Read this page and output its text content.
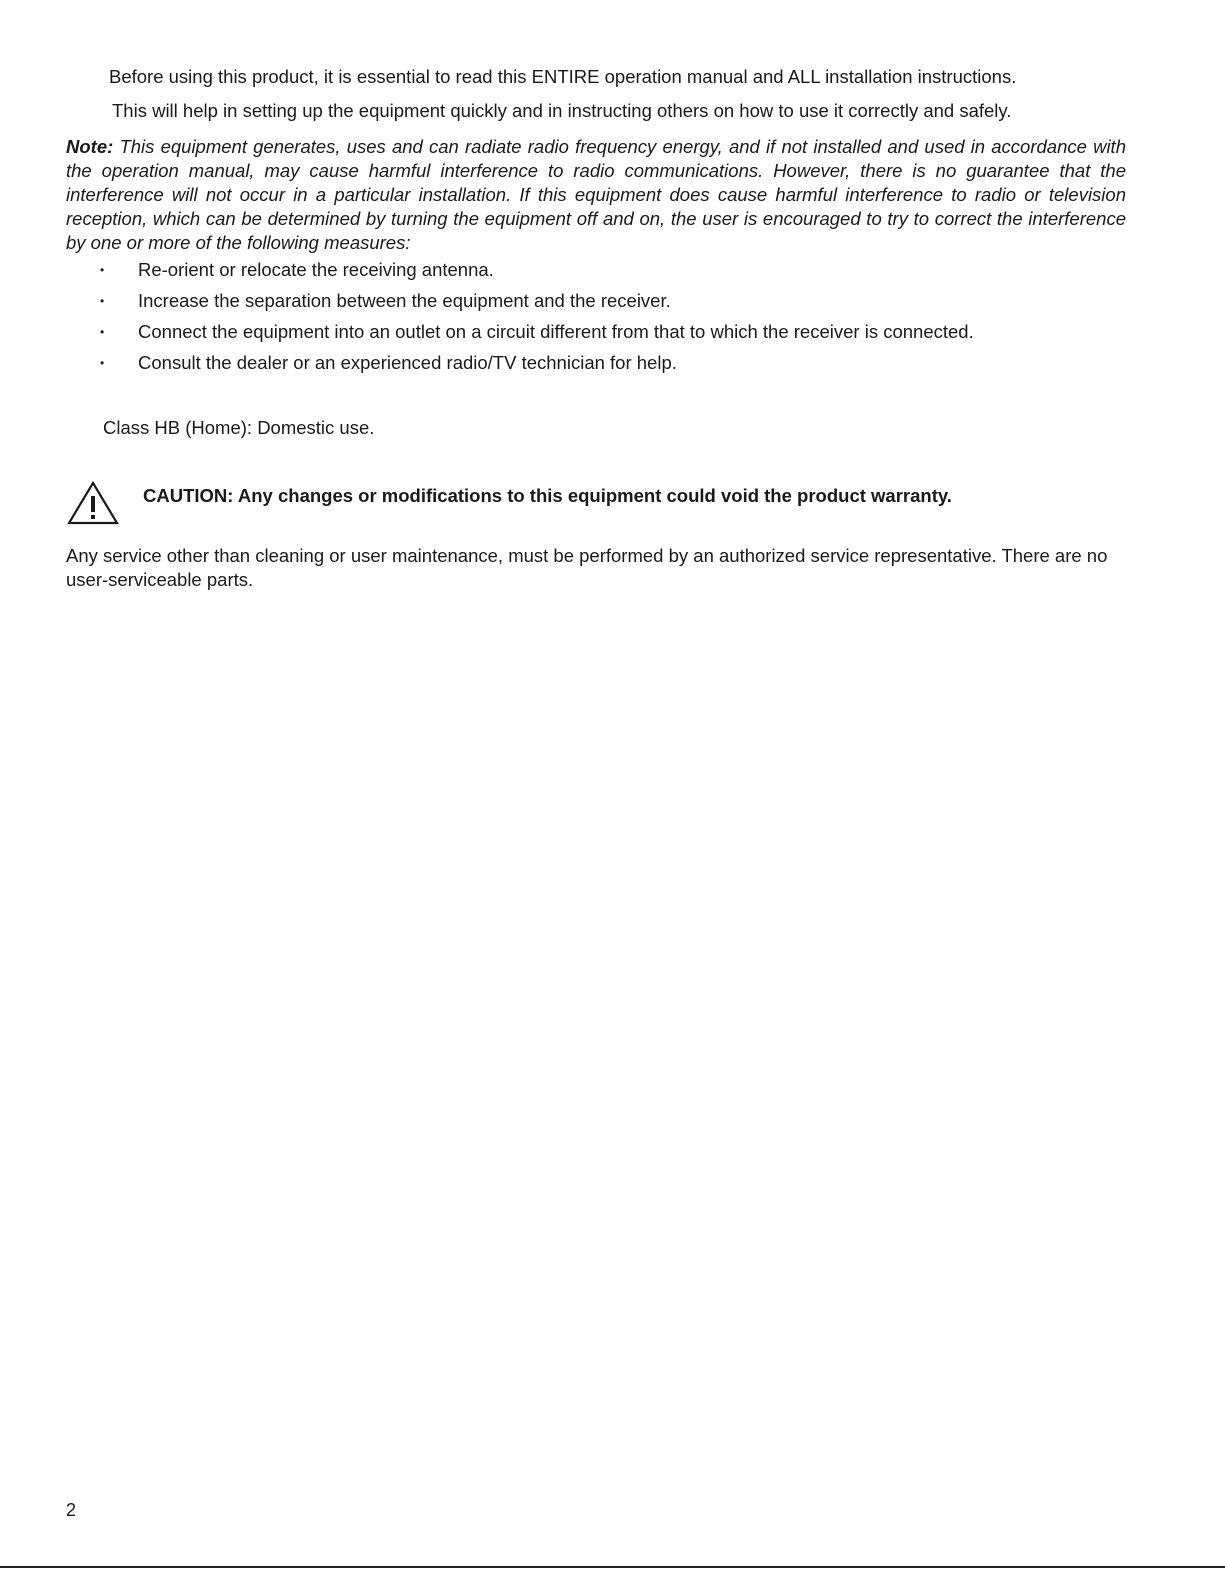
Before using this product, it is essential to read this ENTIRE operation manual and ALL installation instructions.
This will help in setting up the equipment quickly and in instructing others on how to use it correctly and safely.
Note: This equipment generates, uses and can radiate radio frequency energy, and if not installed and used in accordance with the operation manual, may cause harmful interference to radio communications. However, there is no guarantee that the interference will not occur in a particular installation. If this equipment does cause harmful interference to radio or television reception, which can be determined by turning the equipment off and on, the user is encouraged to try to correct the interference by one or more of the following measures:
• Re-orient or relocate the receiving antenna.
• Increase the separation between the equipment and the receiver.
• Connect the equipment into an outlet on a circuit different from that to which the receiver is connected.
• Consult the dealer or an experienced radio/TV technician for help.
Class HB (Home): Domestic use.
CAUTION: Any changes or modifications to this equipment could void the product warranty.
Any service other than cleaning or user maintenance, must be performed by an authorized service representative. There are no user-serviceable parts.
2
